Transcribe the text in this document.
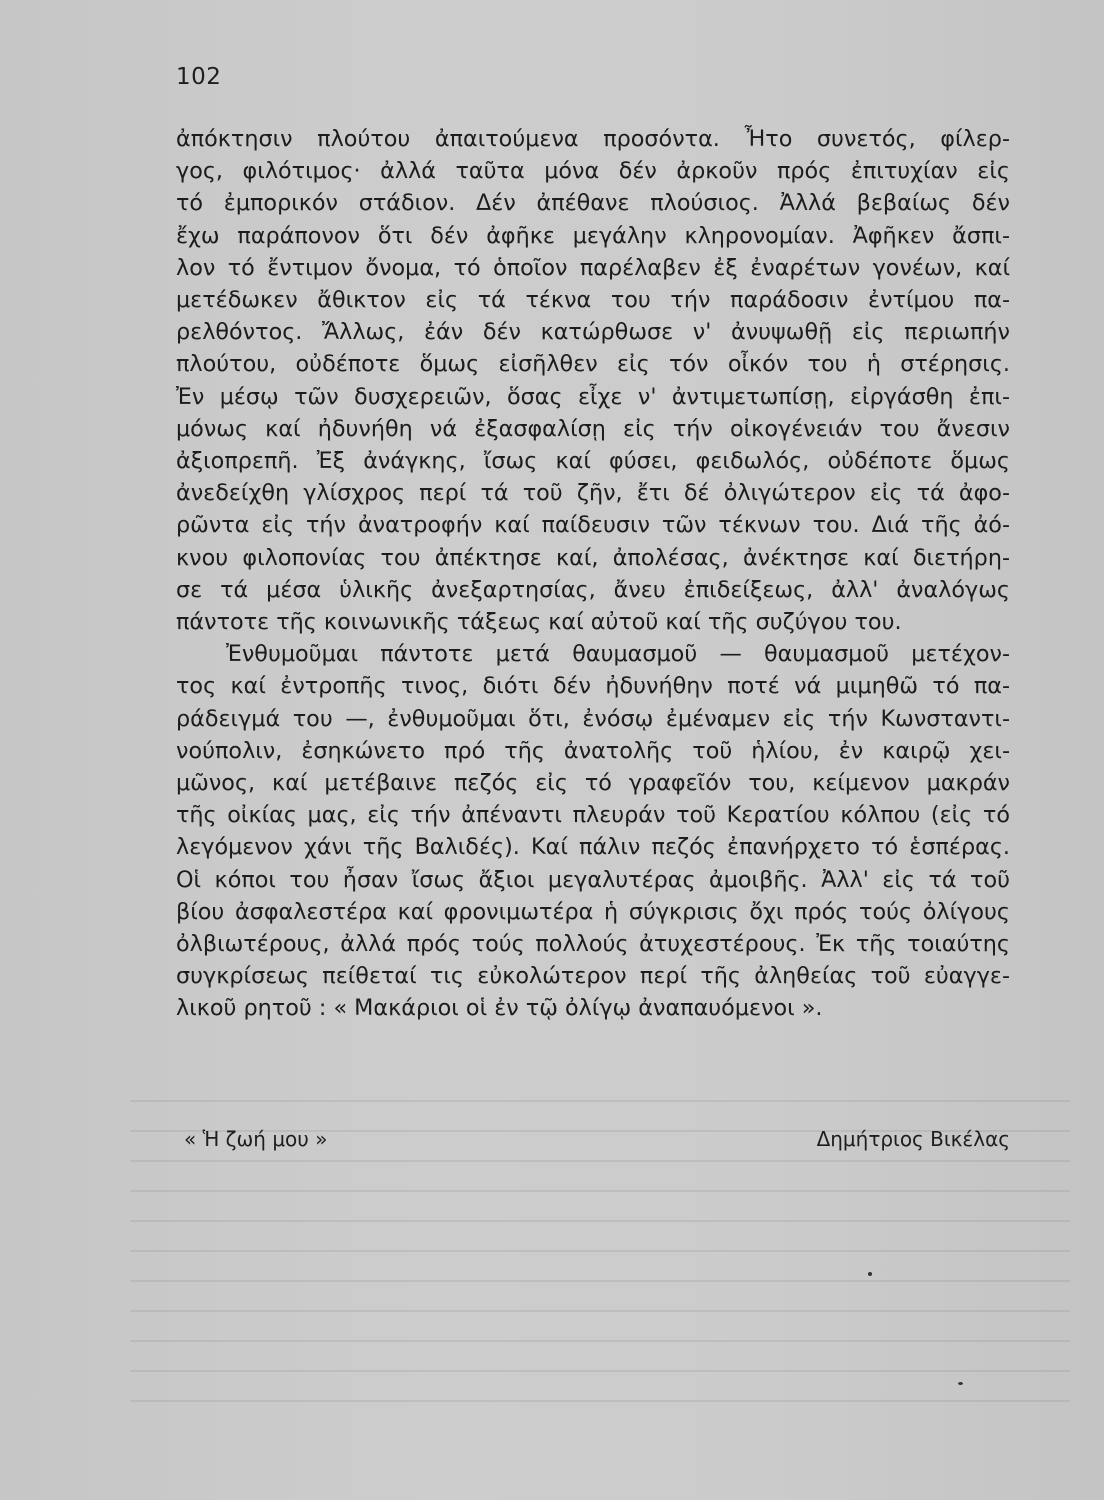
102
ἀπόκτησιν πλούτου ἀπαιτούμενα προσόντα. Ἦτο συνετός, φίλερ-
γος, φιλότιμος· ἀλλά ταῦτα μόνα δέν ἀρκοῦν πρός ἐπιτυχίαν εἰς
τό ἐμπορικόν στάδιον. Δέν ἀπέθανε πλούσιος. Ἀλλά βεβαίως δέν
ἔχω παράπονον ὅτι δέν ἀφῆκε μεγάλην κληρονομίαν. Ἀφῆκεν ἄσπι-
λον τό ἔντιμον ὄνομα, τό ὁποῖον παρέλαβεν ἐξ ἐναρέτων γονέων, καί
μετέδωκεν ἄθικτον εἰς τά τέκνα του τήν παράδοσιν ἐντίμου πα-
ρελθόντος. Ἄλλως, ἐάν δέν κατώρθωσε ν' ἀνυψωθῇ εἰς περιωπήν
πλούτου, οὐδέποτε ὅμως εἰσῆλθεν εἰς τόν οἶκόν του ἡ στέρησις.
Ἐν μέσῳ τῶν δυσχερειῶν, ὅσας εἶχε ν' ἀντιμετωπίσῃ, εἰργάσθη ἐπι-
μόνως καί ἠδυνήθη νά ἐξασφαλίσῃ εἰς τήν οἰκογένειάν του ἄνεσιν
ἀξιοπρεπῆ. Ἐξ ἀνάγκης, ἴσως καί φύσει, φειδωλός, οὐδέποτε ὅμως
ἀνεδείχθη γλίσχρος περί τά τοῦ ζῆν, ἔτι δέ ὀλιγώτερον εἰς τά ἀφο-
ρῶντα εἰς τήν ἀνατροφήν καί παίδευσιν τῶν τέκνων του. Διά τῆς ἀό-
κνου φιλοπονίας του ἀπέκτησε καί, ἀπολέσας, ἀνέκτησε καί διετήρη-
σε τά μέσα ὑλικῆς ἀνεξαρτησίας, ἄνευ ἐπιδείξεως, ἀλλ' ἀναλόγως
πάντοτε τῆς κοινωνικῆς τάξεως καί αὐτοῦ καί τῆς συζύγου του.
Ἐνθυμοῦμαι πάντοτε μετά θαυμασμοῦ — θαυμασμοῦ μετέχον-
τος καί ἐντροπῆς τινος, διότι δέν ἠδυνήθην ποτέ νά μιμηθῶ τό πα-
ράδειγμά του —, ἐνθυμοῦμαι ὅτι, ἐνόσῳ ἐμέναμεν εἰς τήν Κωνσταντι-
νούπολιν, ἐσηκώνετο πρό τῆς ἀνατολῆς τοῦ ἡλίου, ἐν καιρῷ χει-
μῶνος, καί μετέβαινε πεζός εἰς τό γραφεῖόν του, κείμενον μακράν
τῆς οἰκίας μας, εἰς τήν ἀπέναντι πλευράν τοῦ Κερατίου κόλπου (εἰς τό
λεγόμενον χάνι τῆς Βαλιδές). Καί πάλιν πεζός ἐπανήρχετο τό ἑσπέρας.
Οἱ κόποι του ἦσαν ἴσως ἄξιοι μεγαλυτέρας ἀμοιβῆς. Ἀλλ' εἰς τά τοῦ
βίου ἀσφαλεστέρα καί φρονιμωτέρα ἡ σύγκρισις ὄχι πρός τούς ὀλίγους
ὀλβιωτέρους, ἀλλά πρός τούς πολλούς ἀτυχεστέρους. Ἐκ τῆς τοιαύτης
συγκρίσεως πείθεταί τις εὐκολώτερον περί τῆς ἀληθείας τοῦ εὐαγγε-
λικοῦ ρητοῦ : « Μακάριοι οἱ ἐν τῷ ὀλίγῳ ἀναπαυόμενοι ».
« Ἡ ζωή μου »	Δημήτριος Βικέλας
